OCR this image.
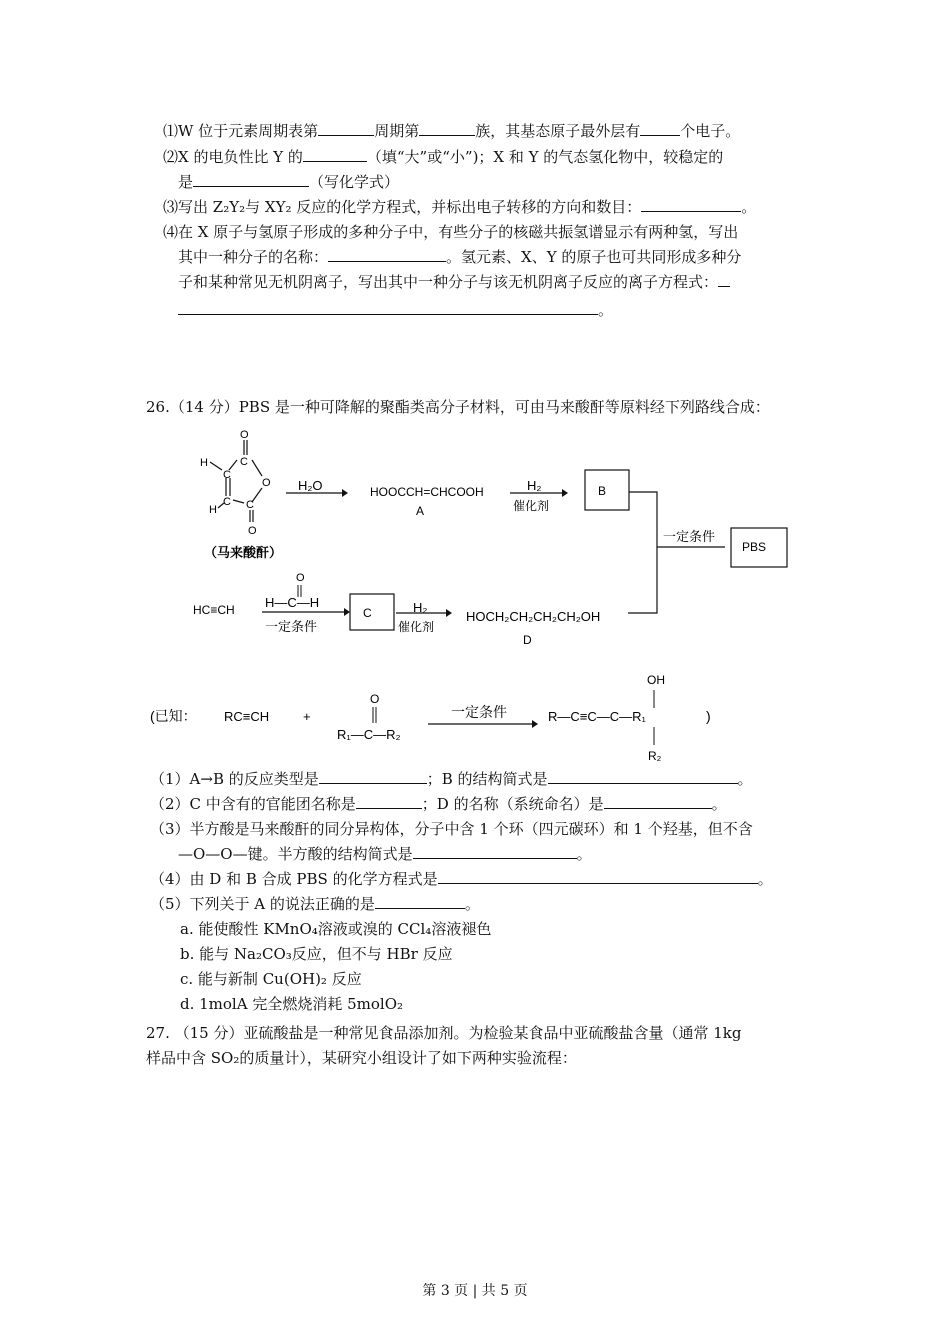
⑴W 位于元素周期表第	周期第	族，其基态原子最外层有	个电子。
⑵X 的电负性比 Y 的	（填“大”或“小”)；X 和 Y 的气态氢化物中，较稳定的
是	（写化学式）
⑶写出 Z₂Y₂与 XY₂ 反应的化学方程式，并标出电子转移的方向和数目：	。
⑷在 X 原子与氢原子形成的多种分子中，有些分子的核磁共振氢谱显示有两种氢，写出
其中一种分子的名称：	。氢元素、X、Y 的原子也可共同形成多种分
子和某种常见无机阴离子，写出其中一种分子与该无机阴离子反应的离子方程式：
。
26.（14 分）PBS 是一种可降解的聚酯类高分子材料，可由马来酸酐等原料经下列路线合成：
O
C
H
C
O
C
H	C
O
（马来酸酐）
H₂O	HOOCCH=CHCOOH
A
H₂
催化剂
B
一定条件
PBS
HC≡CH
O
H—C—H
一定条件
C	H₂
催化剂
HOCH₂CH₂CH₂CH₂OH
D
(已知： RC≡CH	+
O
R₁—C—R₂
一定条件
OH
R—C≡C—C—R₁
R₂
)
（1）A→B 的反应类型是	；B 的结构简式是	。
（2）C 中含有的官能团名称是	；D 的名称（系统命名）是	。
（3）半方酸是马来酸酐的同分异构体，分子中含 1 个环（四元碳环）和 1 个羟基，但不含
—O—O—键。半方酸的结构简式是	。
（4）由 D 和 B 合成 PBS 的化学方程式是	。
（5）下列关于 A 的说法正确的是	。
a. 能使酸性 KMnO₄溶液或溴的 CCl₄溶液褪色
b. 能与 Na₂CO₃反应，但不与 HBr 反应
c. 能与新制 Cu(OH)₂ 反应
d. 1molA 完全燃烧消耗 5molO₂
27. （15 分）亚硫酸盐是一种常见食品添加剂。为检验某食品中亚硫酸盐含量（通常 1kg
样品中含 SO₂的质量计），某研究小组设计了如下两种实验流程：
第 3 页 | 共 5 页
